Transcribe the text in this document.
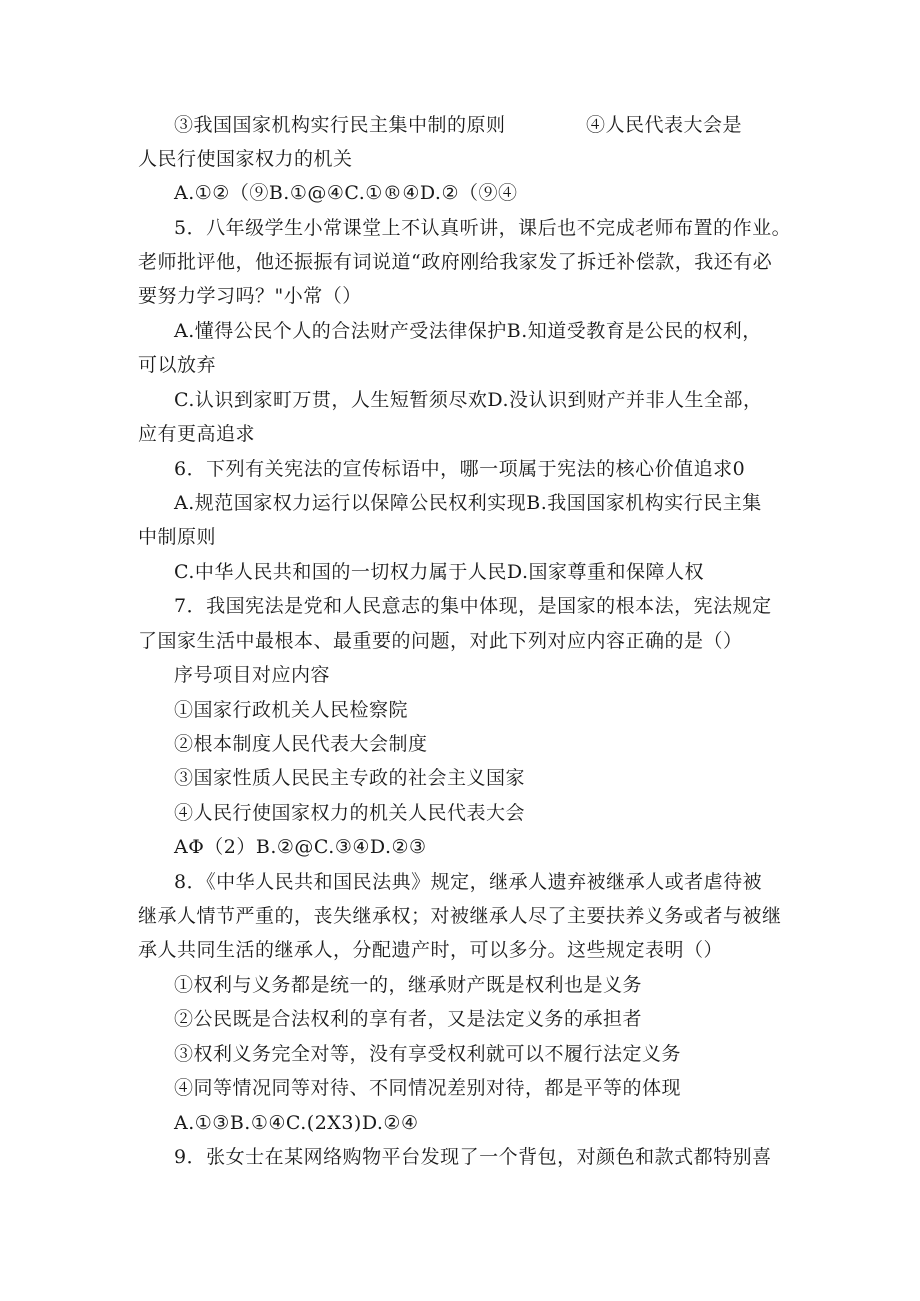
③我国国家机构实行民主集中制的原则	④人民代表大会是
人民行使国家权力的机关
A.①②（⑨B.①@④C.①®④D.②（⑨④
5．八年级学生小常课堂上不认真听讲，课后也不完成老师布置的作业。
老师批评他，他还振振有词说道“政府刚给我家发了拆迁补偿款，我还有必
要努力学习吗？"小常（）
A.懂得公民个人的合法财产受法律保护B.知道受教育是公民的权利，
可以放弃
C.认识到家町万贯，人生短暂须尽欢D.没认识到财产并非人生全部，
应有更高追求
6．下列有关宪法的宣传标语中，哪一项属于宪法的核心价值追求0
A.规范国家权力运行以保障公民权利实现B.我国国家机构实行民主集
中制原则
C.中华人民共和国的一切权力属于人民D.国家尊重和保障人权
7．我国宪法是党和人民意志的集中体现，是国家的根本法，宪法规定
了国家生活中最根本、最重要的问题，对此下列对应内容正确的是（）
序号项目对应内容
①国家行政机关人民检察院
②根本制度人民代表大会制度
③国家性质人民民主专政的社会主义国家
④人民行使国家权力的机关人民代表大会
AΦ（2）B.②@C.③④D.②③
8．《中华人民共和国民法典》规定，继承人遗弃被继承人或者虐待被
继承人情节严重的，丧失继承权；对被继承人尽了主要扶养义务或者与被继
承人共同生活的继承人，分配遗产时，可以多分。这些规定表明（）
①权利与义务都是统一的，继承财产既是权利也是义务
②公民既是合法权利的享有者，又是法定义务的承担者
③权利义务完全对等，没有享受权利就可以不履行法定义务
④同等情况同等对待、不同情况差别对待，都是平等的体现
A.①③B.①④C.(2X3)D.②④
9．张女士在某网络购物平台发现了一个背包，对颜色和款式都特别喜
